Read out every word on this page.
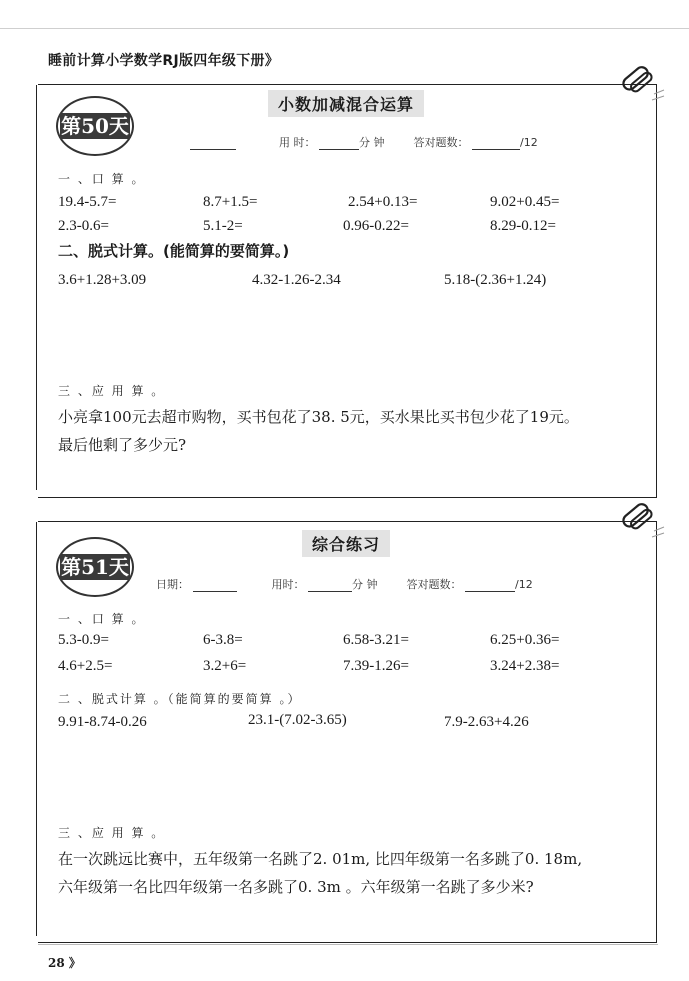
睡前计算小学数学RJ版四年级下册》
第50天
小数加减混合运算
用 时：	分 钟	答对题数：	/12
一 、口 算 。
19.4-5.7=	8.7+1.5=	2.54+0.13=	9.02+0.45=
2.3-0.6=	5.1-2=	0.96-0.22=	8.29-0.12=
二、脱式计算。(能简算的要简算。)
3.6+1.28+3.09	4.32-1.26-2.34	5.18-(2.36+1.24)
三 、应 用 算 。
小亮拿100元去超市购物，买书包花了38. 5元，买水果比买书包少花了19元。
最后他剩了多少元?
第51天
综合练习
日期：	用时：	分 钟	答对题数：	/12
一 、口 算 。
5.3-0.9=	6-3.8=	6.58-3.21=	6.25+0.36=
4.6+2.5=	3.2+6=	7.39-1.26=	3.24+2.38=
二 、脱式计算 。（能简算的要简算 。）
9.91-8.74-0.26	23.1-(7.02-3.65)	7.9-2.63+4.26
三 、应 用 算 。
在一次跳远比赛中，五年级第一名跳了2. 01m, 比四年级第一名多跳了0. 18m,
六年级第一名比四年级第一名多跳了0. 3m 。六年级第一名跳了多少米?
28 》
